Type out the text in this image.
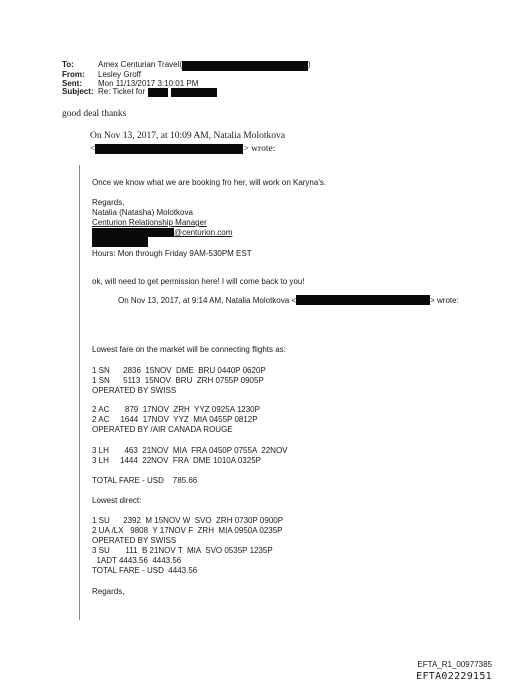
To:	Amex Centurian Travel (	)
From:	Lesley Groff
Sent:	Mon 11/13/2017 3:10:01 PM
Subject: Re: Ticket for
good deal thanks
On Nov 13, 2017, at 10:09 AM, Natalia Molotkova
<	> wrote:
Once we know what we are booking fro her, will work on Karyna's.
Regards,
Natalia (Natasha) Molotkova
Centurion Relationship Manager
@centurion.com
Hours: Mon through Friday 9AM-530PM EST
ok, will need to get permission here! I will come back to you!
On Nov 13, 2017, at 9:14 AM, Natalia Molotkova <	> wrote:
Lowest fare on the market will be connecting flights as:
1 SN      2836  15NOV  DME  BRU 0440P 0620P
1 SN      5113  15NOV  BRU  ZRH 0755P 0905P
OPERATED BY SWISS
2 AC       879  17NOV  ZRH  YYZ 0925A 1230P
2 AC     1644  17NOV  YYZ  MIA 0455P 0812P
OPERATED BY /AIR CANADA ROUGE
3 LH       463  21NOV  MIA  FRA 0450P 0755A  22NOV
3 LH     1444  22NOV  FRA  DME 1010A 0325P
TOTAL FARE - USD    785.66
Lowest direct:
1 SU      2392  M 15NOV W  SVO  ZRH 0730P 0900P
2 UA /LX   9808  Y 17NOV F  ZRH  MIA 0950A 0235P
OPERATED BY SWISS
3 SU       111  B 21NOV T  MIA  SVO 0535P 1235P
1ADT 4443.56  4443.56
TOTAL FARE - USD  4443.56
Regards,
EFTA_R1_00977385
EFTA02229151
